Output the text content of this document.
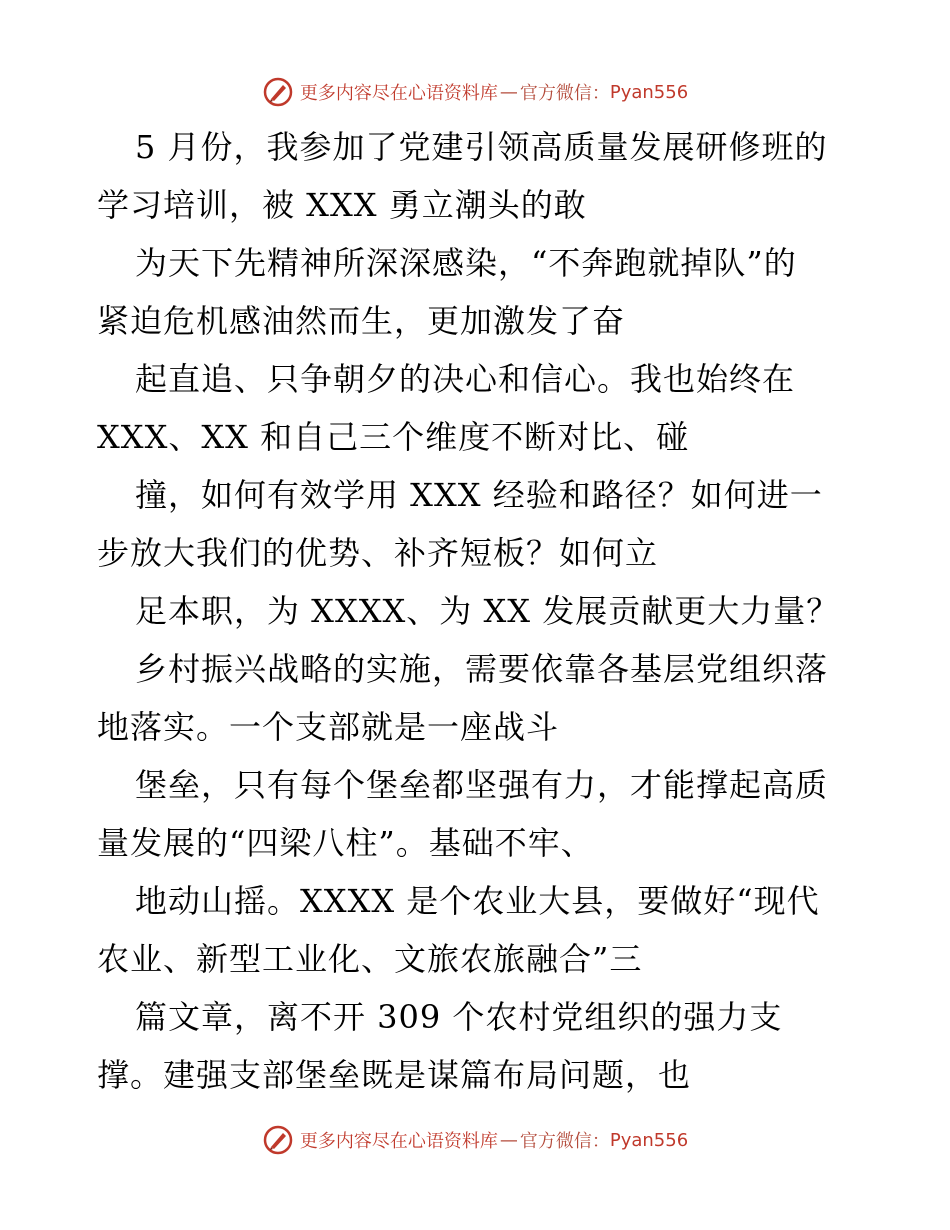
更多内容尽在心语资料库 — 官方微信： Pyan556
5 月份，我参加了党建引领高质量发展研修班的
学习培训，被 XXX 勇立潮头的敢
为天下先精神所深深感染，“不奔跑就掉队”的
紧迫危机感油然而生，更加激发了奋
起直追、只争朝夕的决心和信心。我也始终在
XXX、XX 和自己三个维度不断对比、碰
撞，如何有效学用 XXX 经验和路径？如何进一
步放大我们的优势、补齐短板？如何立
足本职，为 XXXX、为 XX 发展贡献更大力量？
乡村振兴战略的实施，需要依靠各基层党组织落
地落实。一个支部就是一座战斗
堡垒，只有每个堡垒都坚强有力，才能撑起高质
量发展的“四梁八柱”。基础不牢、
地动山摇。XXXX 是个农业大县，要做好“现代
农业、新型工业化、文旅农旅融合”三
篇文章，离不开 309 个农村党组织的强力支
撑。建强支部堡垒既是谋篇布局问题，也
更多内容尽在心语资料库 — 官方微信： Pyan556
